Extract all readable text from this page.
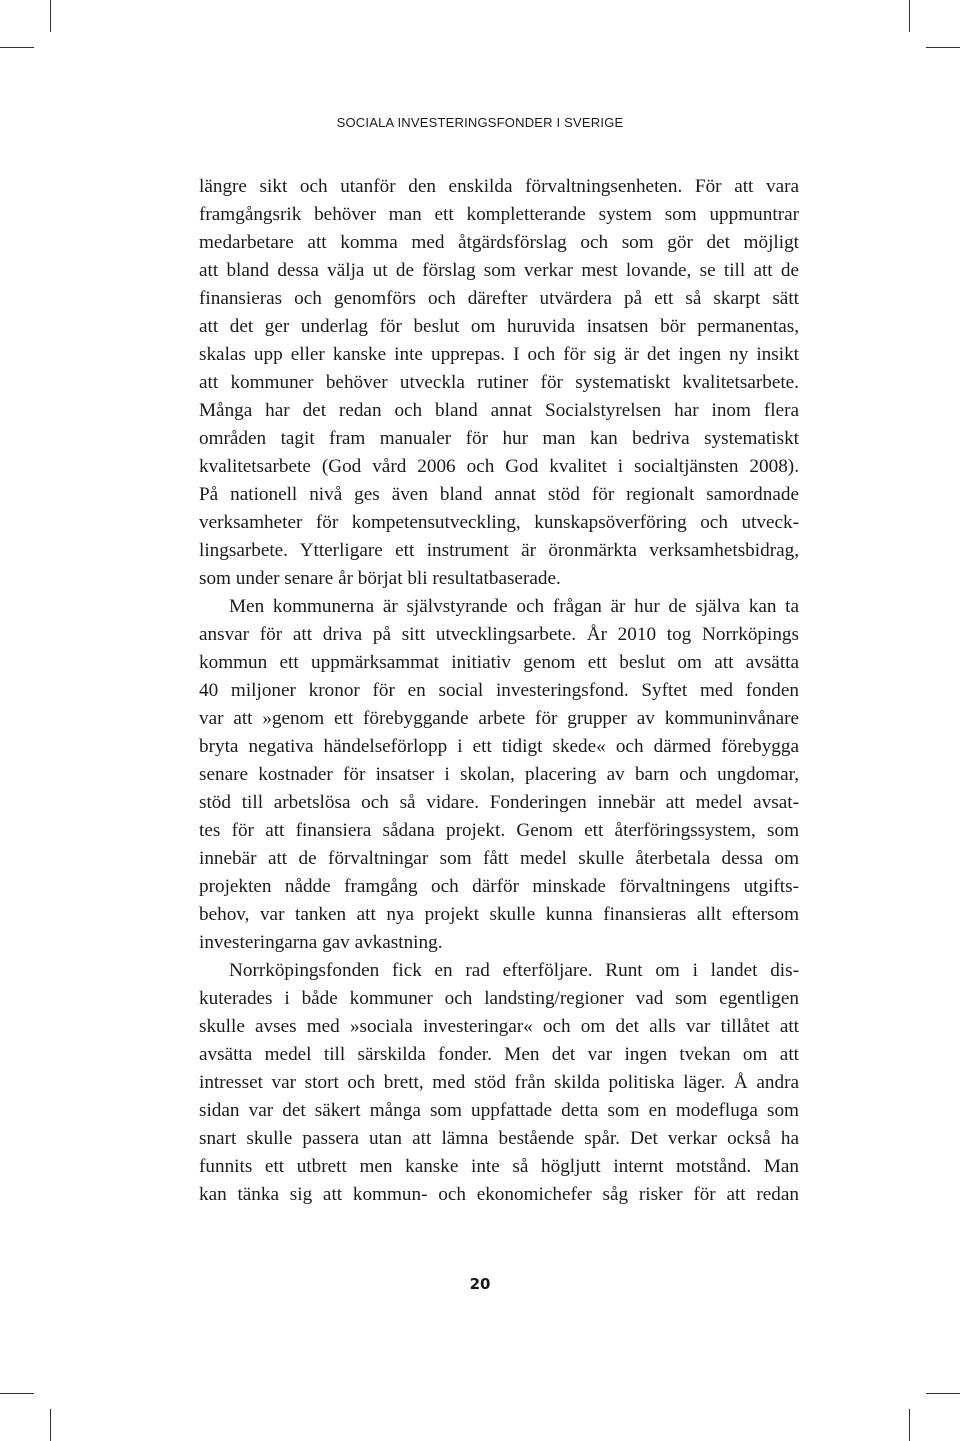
SOCIALA INVESTERINGSFONDER I SVERIGE
längre sikt och utanför den enskilda förvaltningsenheten. För att vara
framgångsrik behöver man ett kompletterande system som uppmuntrar
medarbetare att komma med åtgärdsförslag och som gör det möjligt
att bland dessa välja ut de förslag som verkar mest lovande, se till att de
finansieras och genomförs och därefter utvärdera på ett så skarpt sätt
att det ger underlag för beslut om huruvida insatsen bör permanentas,
skalas upp eller kanske inte upprepas. I och för sig är det ingen ny insikt
att kommuner behöver utveckla rutiner för systematiskt kvalitetsarbete.
Många har det redan och bland annat Socialstyrelsen har inom flera
områden tagit fram manualer för hur man kan bedriva systematiskt
kvalitetsarbete (God vård 2006 och God kvalitet i socialtjänsten 2008).
På nationell nivå ges även bland annat stöd för regionalt samordnade
verksamheter för kompetensutveckling, kunskapsöverföring och utveck-
lingsarbete. Ytterligare ett instrument är öronmärkta verksamhetsbidrag,
som under senare år börjat bli resultatbaserade.
Men kommunerna är självstyrande och frågan är hur de själva kan ta
ansvar för att driva på sitt utvecklingsarbete. År 2010 tog Norrköpings
kommun ett uppmärksammat initiativ genom ett beslut om att avsätta
40 miljoner kronor för en social investeringsfond. Syftet med fonden
var att »genom ett förebyggande arbete för grupper av kommuninvånare
bryta negativa händelseförlopp i ett tidigt skede« och därmed förebygga
senare kostnader för insatser i skolan, placering av barn och ungdomar,
stöd till arbetslösa och så vidare. Fonderingen innebär att medel avsat-
tes för att finansiera sådana projekt. Genom ett återföringssystem, som
innebär att de förvaltningar som fått medel skulle återbetala dessa om
projekten nådde framgång och därför minskade förvaltningens utgifts-
behov, var tanken att nya projekt skulle kunna finansieras allt eftersom
investeringarna gav avkastning.
Norrköpingsfonden fick en rad efterföljare. Runt om i landet dis-
kuterades i både kommuner och landsting/regioner vad som egentligen
skulle avses med »sociala investeringar« och om det alls var tillåtet att
avsätta medel till särskilda fonder. Men det var ingen tvekan om att
intresset var stort och brett, med stöd från skilda politiska läger. Å andra
sidan var det säkert många som uppfattade detta som en modefluga som
snart skulle passera utan att lämna bestående spår. Det verkar också ha
funnits ett utbrett men kanske inte så högljutt internt motstånd. Man
kan tänka sig att kommun- och ekonomichefer såg risker för att redan
20
